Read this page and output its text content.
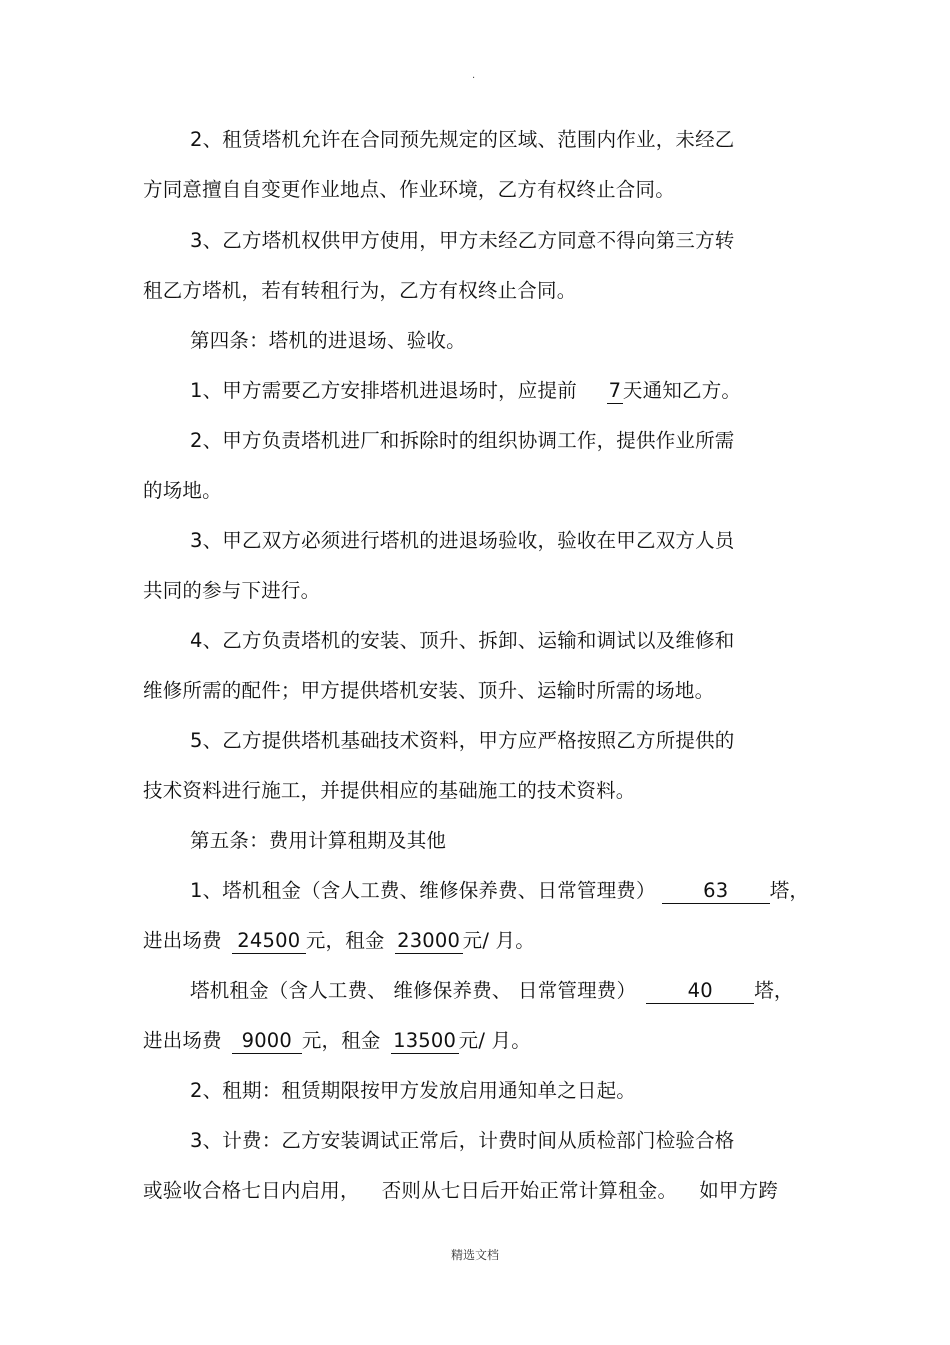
.
2、租赁塔机允许在合同预先规定的区域、范围内作业，未经乙
方同意擅自自变更作业地点、作业环境，乙方有权终止合同。
3、乙方塔机权供甲方使用，甲方未经乙方同意不得向第三方转
租乙方塔机，若有转租行为，乙方有权终止合同。
第四条：塔机的进退场、验收。
1、甲方需要乙方安排塔机进退场时，应提前 7天通知乙方。
2、甲方负责塔机进厂和拆除时的组织协调工作，提供作业所需
的场地。
3、甲乙双方必须进行塔机的进退场验收，验收在甲乙双方人员
共同的参与下进行。
4、乙方负责塔机的安装、顶升、拆卸、运输和调试以及维修和
维修所需的配件；甲方提供塔机安装、顶升、运输时所需的场地。
5、乙方提供塔机基础技术资料，甲方应严格按照乙方所提供的
技术资料进行施工，并提供相应的基础施工的技术资料。
第五条：费用计算租期及其他
1、塔机租金（含人工费、维修保养费、日常管理费） 63 塔，
进出场费 24500 元，租金 23000 元/ 月。
塔机租金（含人工费、 维修保养费、 日常管理费）	40 塔，
进出场费 9000 元，租金 13500 元/ 月。
2、租期：租赁期限按甲方发放启用通知单之日起。
3、计费：乙方安装调试正常后，计费时间从质检部门检验合格
或验收合格七日内启用， 否则从七日后开始正常计算租金。 如甲方跨
精选文档
